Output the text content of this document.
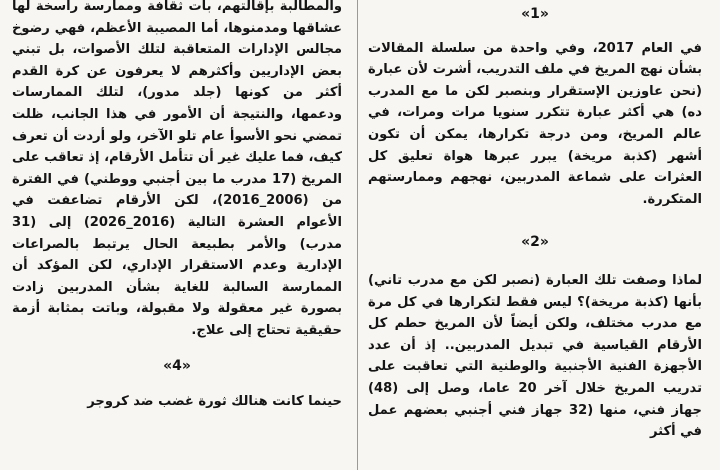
«1»

في العام 2017، وفي واحدة من سلسلة المقالات بشأن نهج المريخ في ملف التدريب، أشرت لأن عبارة (نحن عاوزين الإستقرار وبنصبر لكن ما مع المدرب ده) هي أكثر عبارة تتكرر سنويا مرات ومرات، في عالم المريخ، ومن درجة تكرارها، يمكن أن تكون أشهر (كذبة مريخة) يبرر عبرها هواة تعليق كل العثرات على شماعة المدربين، نهجهم وممارستهم المتكررة.

«2»

لماذا وصفت تلك العبارة (نصبر لكن مع مدرب تاني) بأنها (كذبة مريخة)؟ ليس فقط لتكرارها في كل مرة مع مدرب مختلف، ولكن أيضاً لأن المريخ حطم كل الأرقام القياسية في تبديل المدربين.. إذ أن عدد الأجهزة الفنية الأجنبية والوطنية التي تعاقبت على تدريب المريخ خلال آخر 20 عاما، وصل إلى (48) جهاز فني، منها (32 جهاز فني أجنبي بعضهم عمل في أكثر

والمطالبة بإقالتهم، بات ثقافة وممارسة راسخة لها عشاقها ومدمنوها، أما المصيبة الأعظم، فهي رضوخ مجالس الإدارات المتعاقبة لتلك الأصوات، بل تبني بعض الإداريين وأكثرهم لا يعرفون عن كرة القدم أكثر من كونها (جلد مدور)، لتلك الممارسات ودعمها، والنتيجة أن الأمور في هذا الجانب، ظلت تمضي نحو الأسوأ عام تلو الآخر، ولو أردت أن تعرف كيف، فما عليك غير أن تتأمل الأرقام، إذ تعاقب على المريخ (17 مدرب ما بين أجنبي ووطني) في الفترة من (2006_2016)، لكن الأرقام تضاعفت في الأعوام العشرة التالية (2016_2026) إلى (31 مدرب) والأمر بطبيعة الحال يرتبط بالصراعات الإدارية وعدم الاستقرار الإداري، لكن المؤكد أن الممارسة السالبة للغاية بشأن المدربين زادت بصورة غير معقولة ولا مقبولة، وباتت بمثابة أزمة حقيقية تحتاج إلى علاج.

«4»

حينما كانت هنالك ثورة غضب ضد كروجر
